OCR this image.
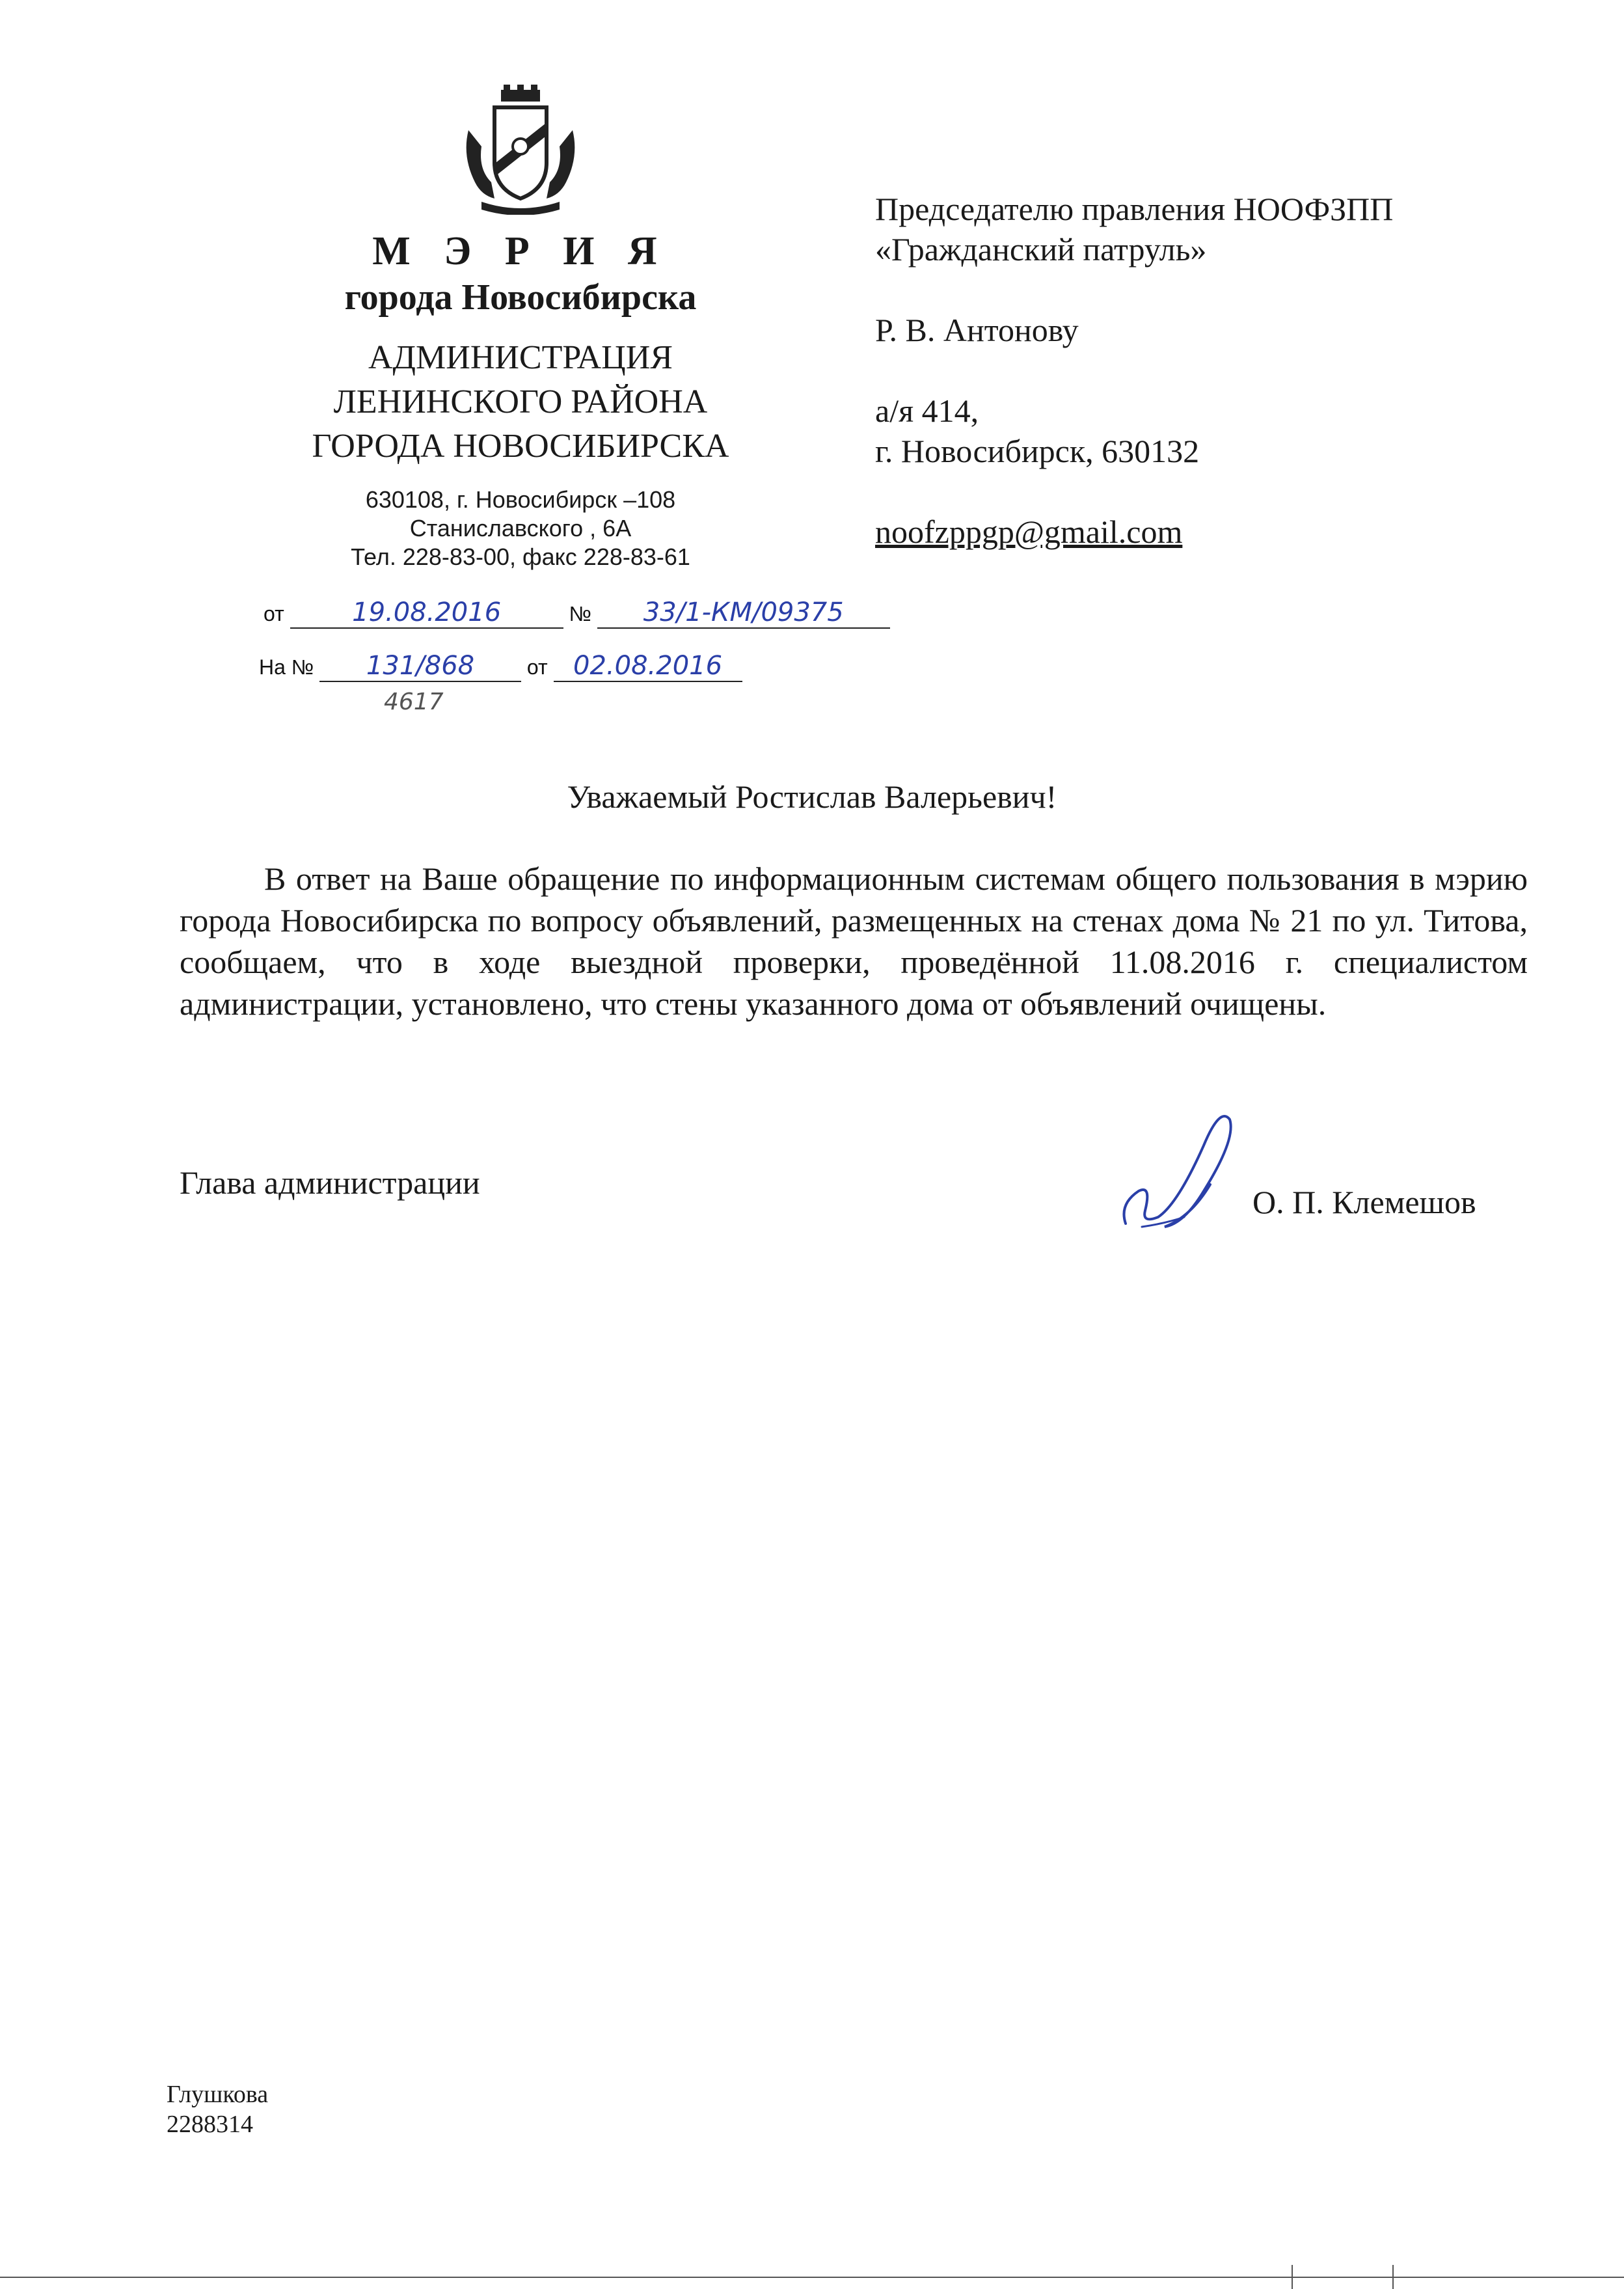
М Э Р И Я
города Новосибирска
АДМИНИСТРАЦИЯ
ЛЕНИНСКОГО РАЙОНА
ГОРОДА НОВОСИБИРСКА
630108, г. Новосибирск –108
Станиславского , 6А
Тел. 228-83-00, факс 228-83-61
от	19.08.2016	№ 33/1-КМ/09375
На № 131/868	от 02.08.2016
4617
Председателю правления НООФЗПП
«Гражданский патруль»
Р. В. Антонову
а/я 414,
г. Новосибирск, 630132
noofzppgp@gmail.com
Уважаемый Ростислав Валерьевич!
В ответ на Ваше обращение по информационным системам общего пользования в мэрию города Новосибирска по вопросу объявлений, размещенных на стенах дома № 21 по ул. Титова, сообщаем, что в ходе выездной проверки, проведённой 11.08.2016 г. специалистом администрации, установлено, что стены указанного дома от объявлений очищены.
Глава администрации
О. П. Клемешов
Глушкова
2288314
